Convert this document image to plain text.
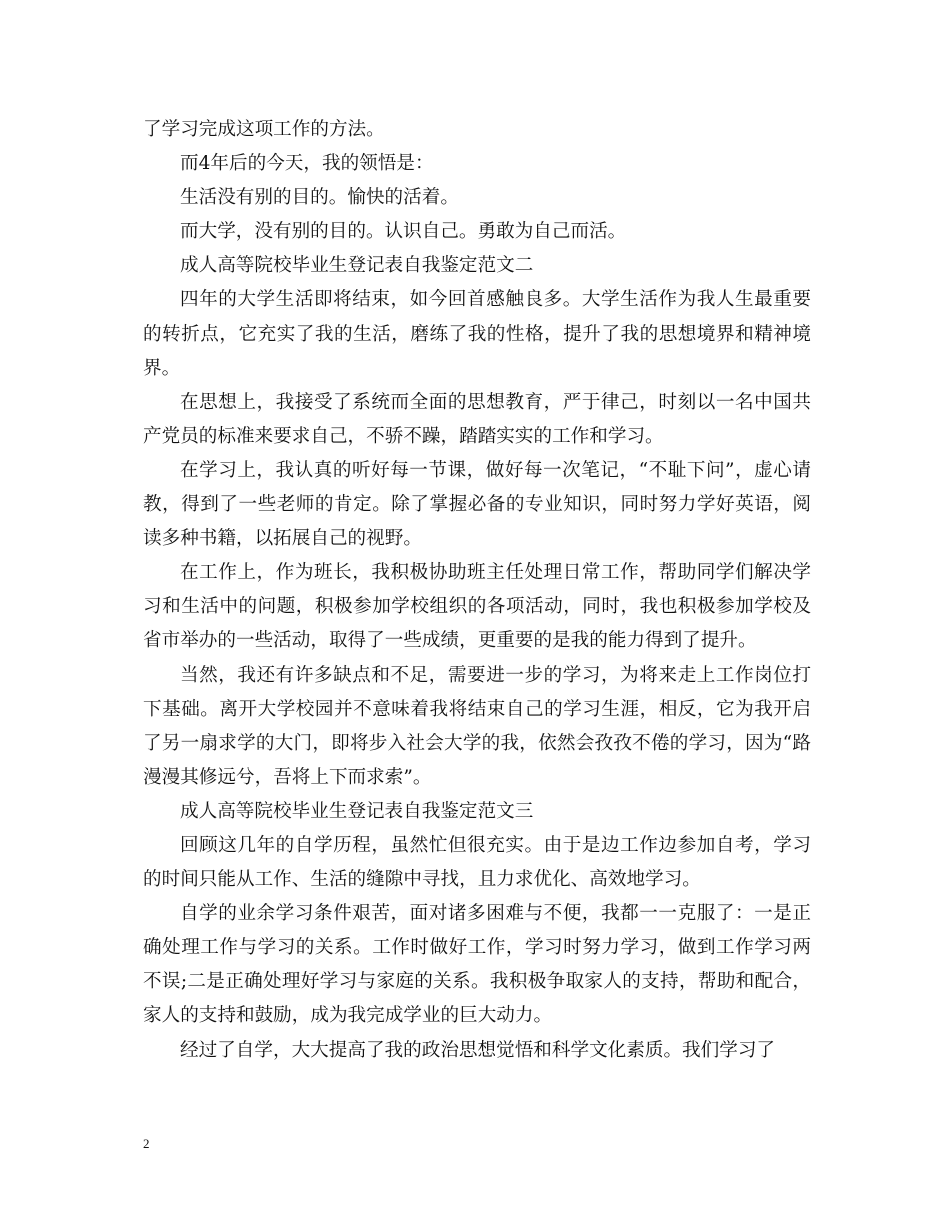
了学习完成这项工作的方法。

而4年后的今天，我的领悟是：

生活没有别的目的。愉快的活着。

而大学，没有别的目的。认识自己。勇敢为自己而活。

成人高等院校毕业生登记表自我鉴定范文二

四年的大学生活即将结束，如今回首感触良多。大学生活作为我人生最重要的转折点，它充实了我的生活，磨练了我的性格，提升了我的思想境界和精神境界。

在思想上，我接受了系统而全面的思想教育，严于律己，时刻以一名中国共产党员的标准来要求自己，不骄不躁，踏踏实实的工作和学习。

在学习上，我认真的听好每一节课，做好每一次笔记，“不耻下问”，虚心请教，得到了一些老师的肯定。除了掌握必备的专业知识，同时努力学好英语，阅读多种书籍，以拓展自己的视野。

在工作上，作为班长，我积极协助班主任处理日常工作，帮助同学们解决学习和生活中的问题，积极参加学校组织的各项活动，同时，我也积极参加学校及省市举办的一些活动，取得了一些成绩，更重要的是我的能力得到了提升。

当然，我还有许多缺点和不足，需要进一步的学习，为将来走上工作岗位打下基础。离开大学校园并不意味着我将结束自己的学习生涯，相反，它为我开启了另一扇求学的大门，即将步入社会大学的我，依然会孜孜不倦的学习，因为“路漫漫其修远兮，吾将上下而求索”。

成人高等院校毕业生登记表自我鉴定范文三

回顾这几年的自学历程，虽然忙但很充实。由于是边工作边参加自考，学习的时间只能从工作、生活的缝隙中寻找，且力求优化、高效地学习。

自学的业余学习条件艰苦，面对诸多困难与不便，我都一一克服了：一是正确处理工作与学习的关系。工作时做好工作，学习时努力学习，做到工作学习两不误;二是正确处理好学习与家庭的关系。我积极争取家人的支持，帮助和配合，家人的支持和鼓励，成为我完成学业的巨大动力。

经过了自学，大大提高了我的政治思想觉悟和科学文化素质。我们学习了

2
